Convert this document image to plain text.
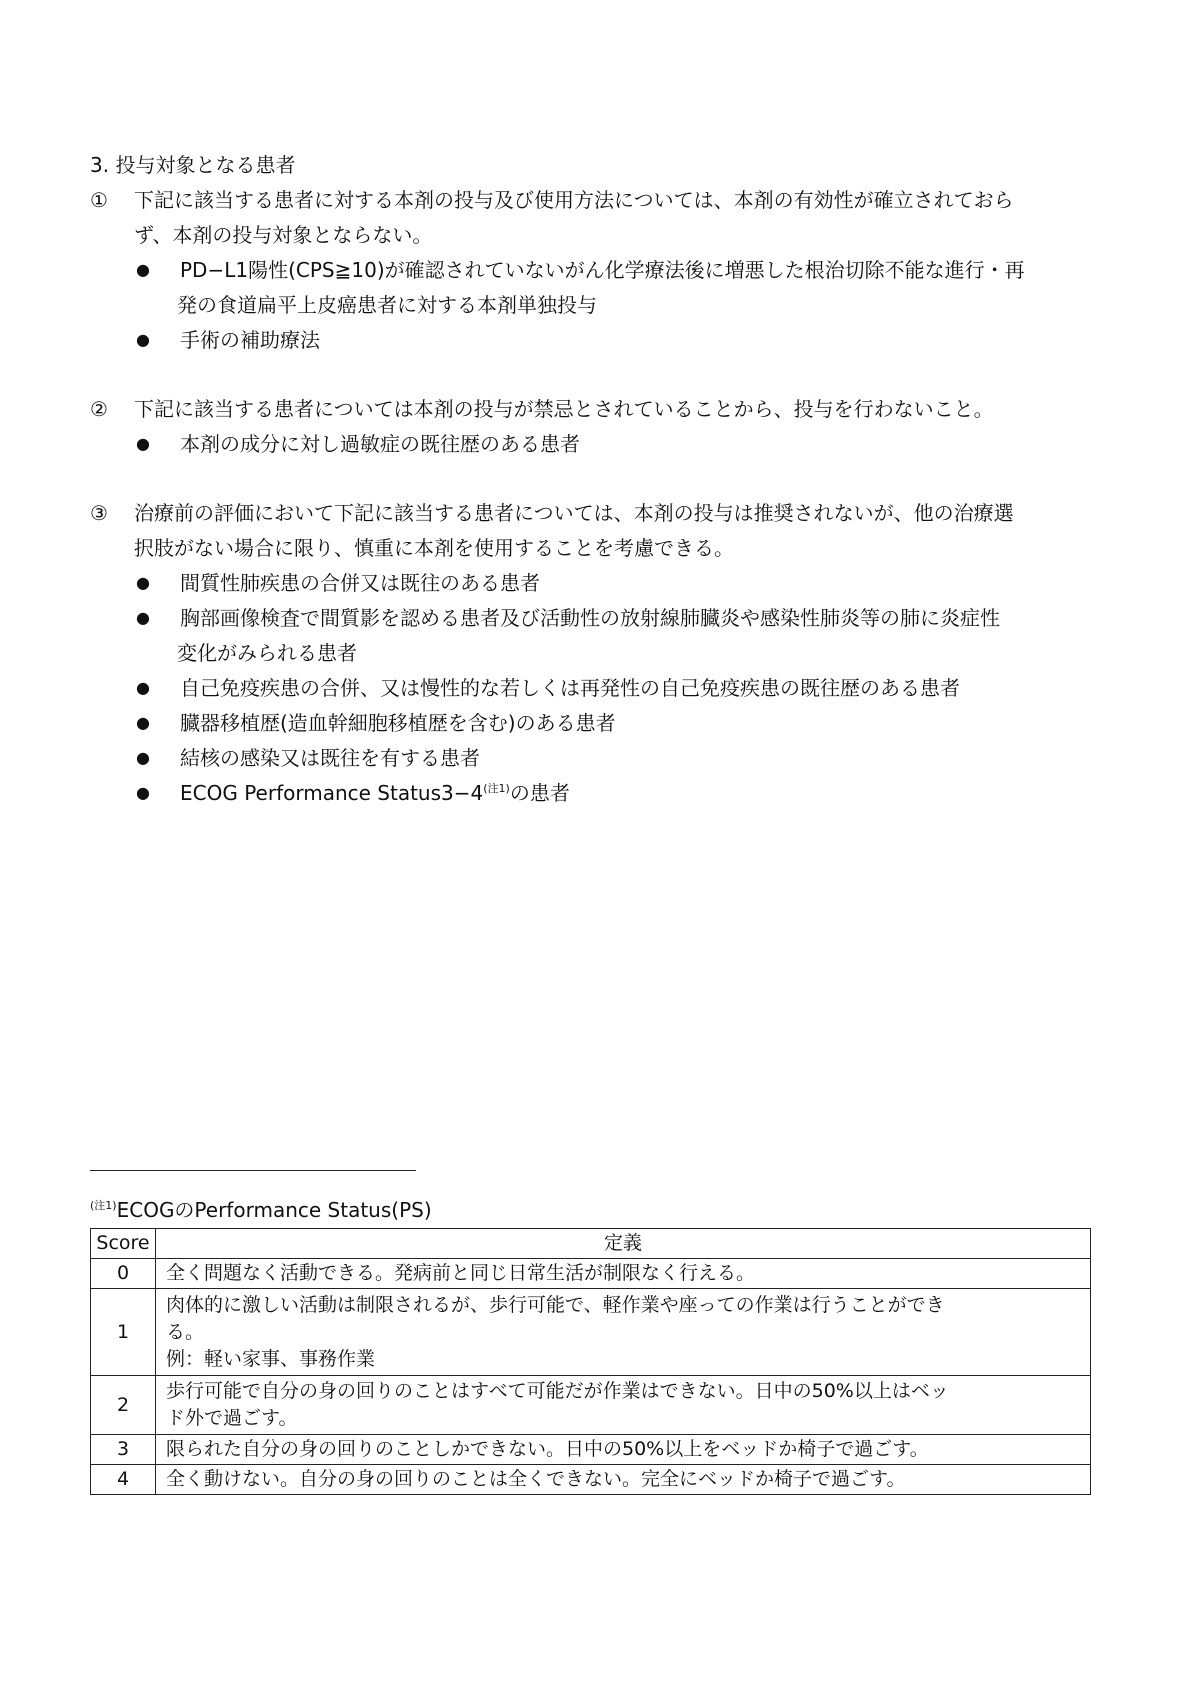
3. 投与対象となる患者
① 下記に該当する患者に対する本剤の投与及び使用方法については、本剤の有効性が確立されておら
ず、本剤の投与対象とならない。
● PD−L1陽性(CPS≧10)が確認されていないがん化学療法後に増悪した根治切除不能な進行・再
発の食道扁平上皮癌患者に対する本剤単独投与
● 手術の補助療法
② 下記に該当する患者については本剤の投与が禁忌とされていることから、投与を行わないこと。
● 本剤の成分に対し過敏症の既往歴のある患者
③ 治療前の評価において下記に該当する患者については、本剤の投与は推奨されないが、他の治療選
択肢がない場合に限り、慎重に本剤を使用することを考慮できる。
● 間質性肺疾患の合併又は既往のある患者
● 胸部画像検査で間質影を認める患者及び活動性の放射線肺臓炎や感染性肺炎等の肺に炎症性
変化がみられる患者
● 自己免疫疾患の合併、又は慢性的な若しくは再発性の自己免疫疾患の既往歴のある患者
● 臓器移植歴(造血幹細胞移植歴を含む)のある患者
● 結核の感染又は既往を有する患者
● ECOG Performance $Status3-4^{(注1)}$の患者
$^{(注1)}$ECOGのPerformance Status(PS)
Score	定義
0	全く問題なく活動できる。発病前と同じ日常生活が制限なく行える。

1	肉体的に激しい活動は制限されるが、歩行可能で、軽作業や座っての作業は行うことができ
る。
例：軽い家事、事務作業

2	歩行可能で自分の身の回りのことはすべて可能だが作業はできない。日中の50%以上はベッ
ド外で過ごす。

3	限られた自分の身の回りのことしかできない。日中の50%以上をベッドか椅子で過ごす。

4	全く動けない。自分の身の回りのことは全くできない。完全にベッドか椅子で過ごす。
